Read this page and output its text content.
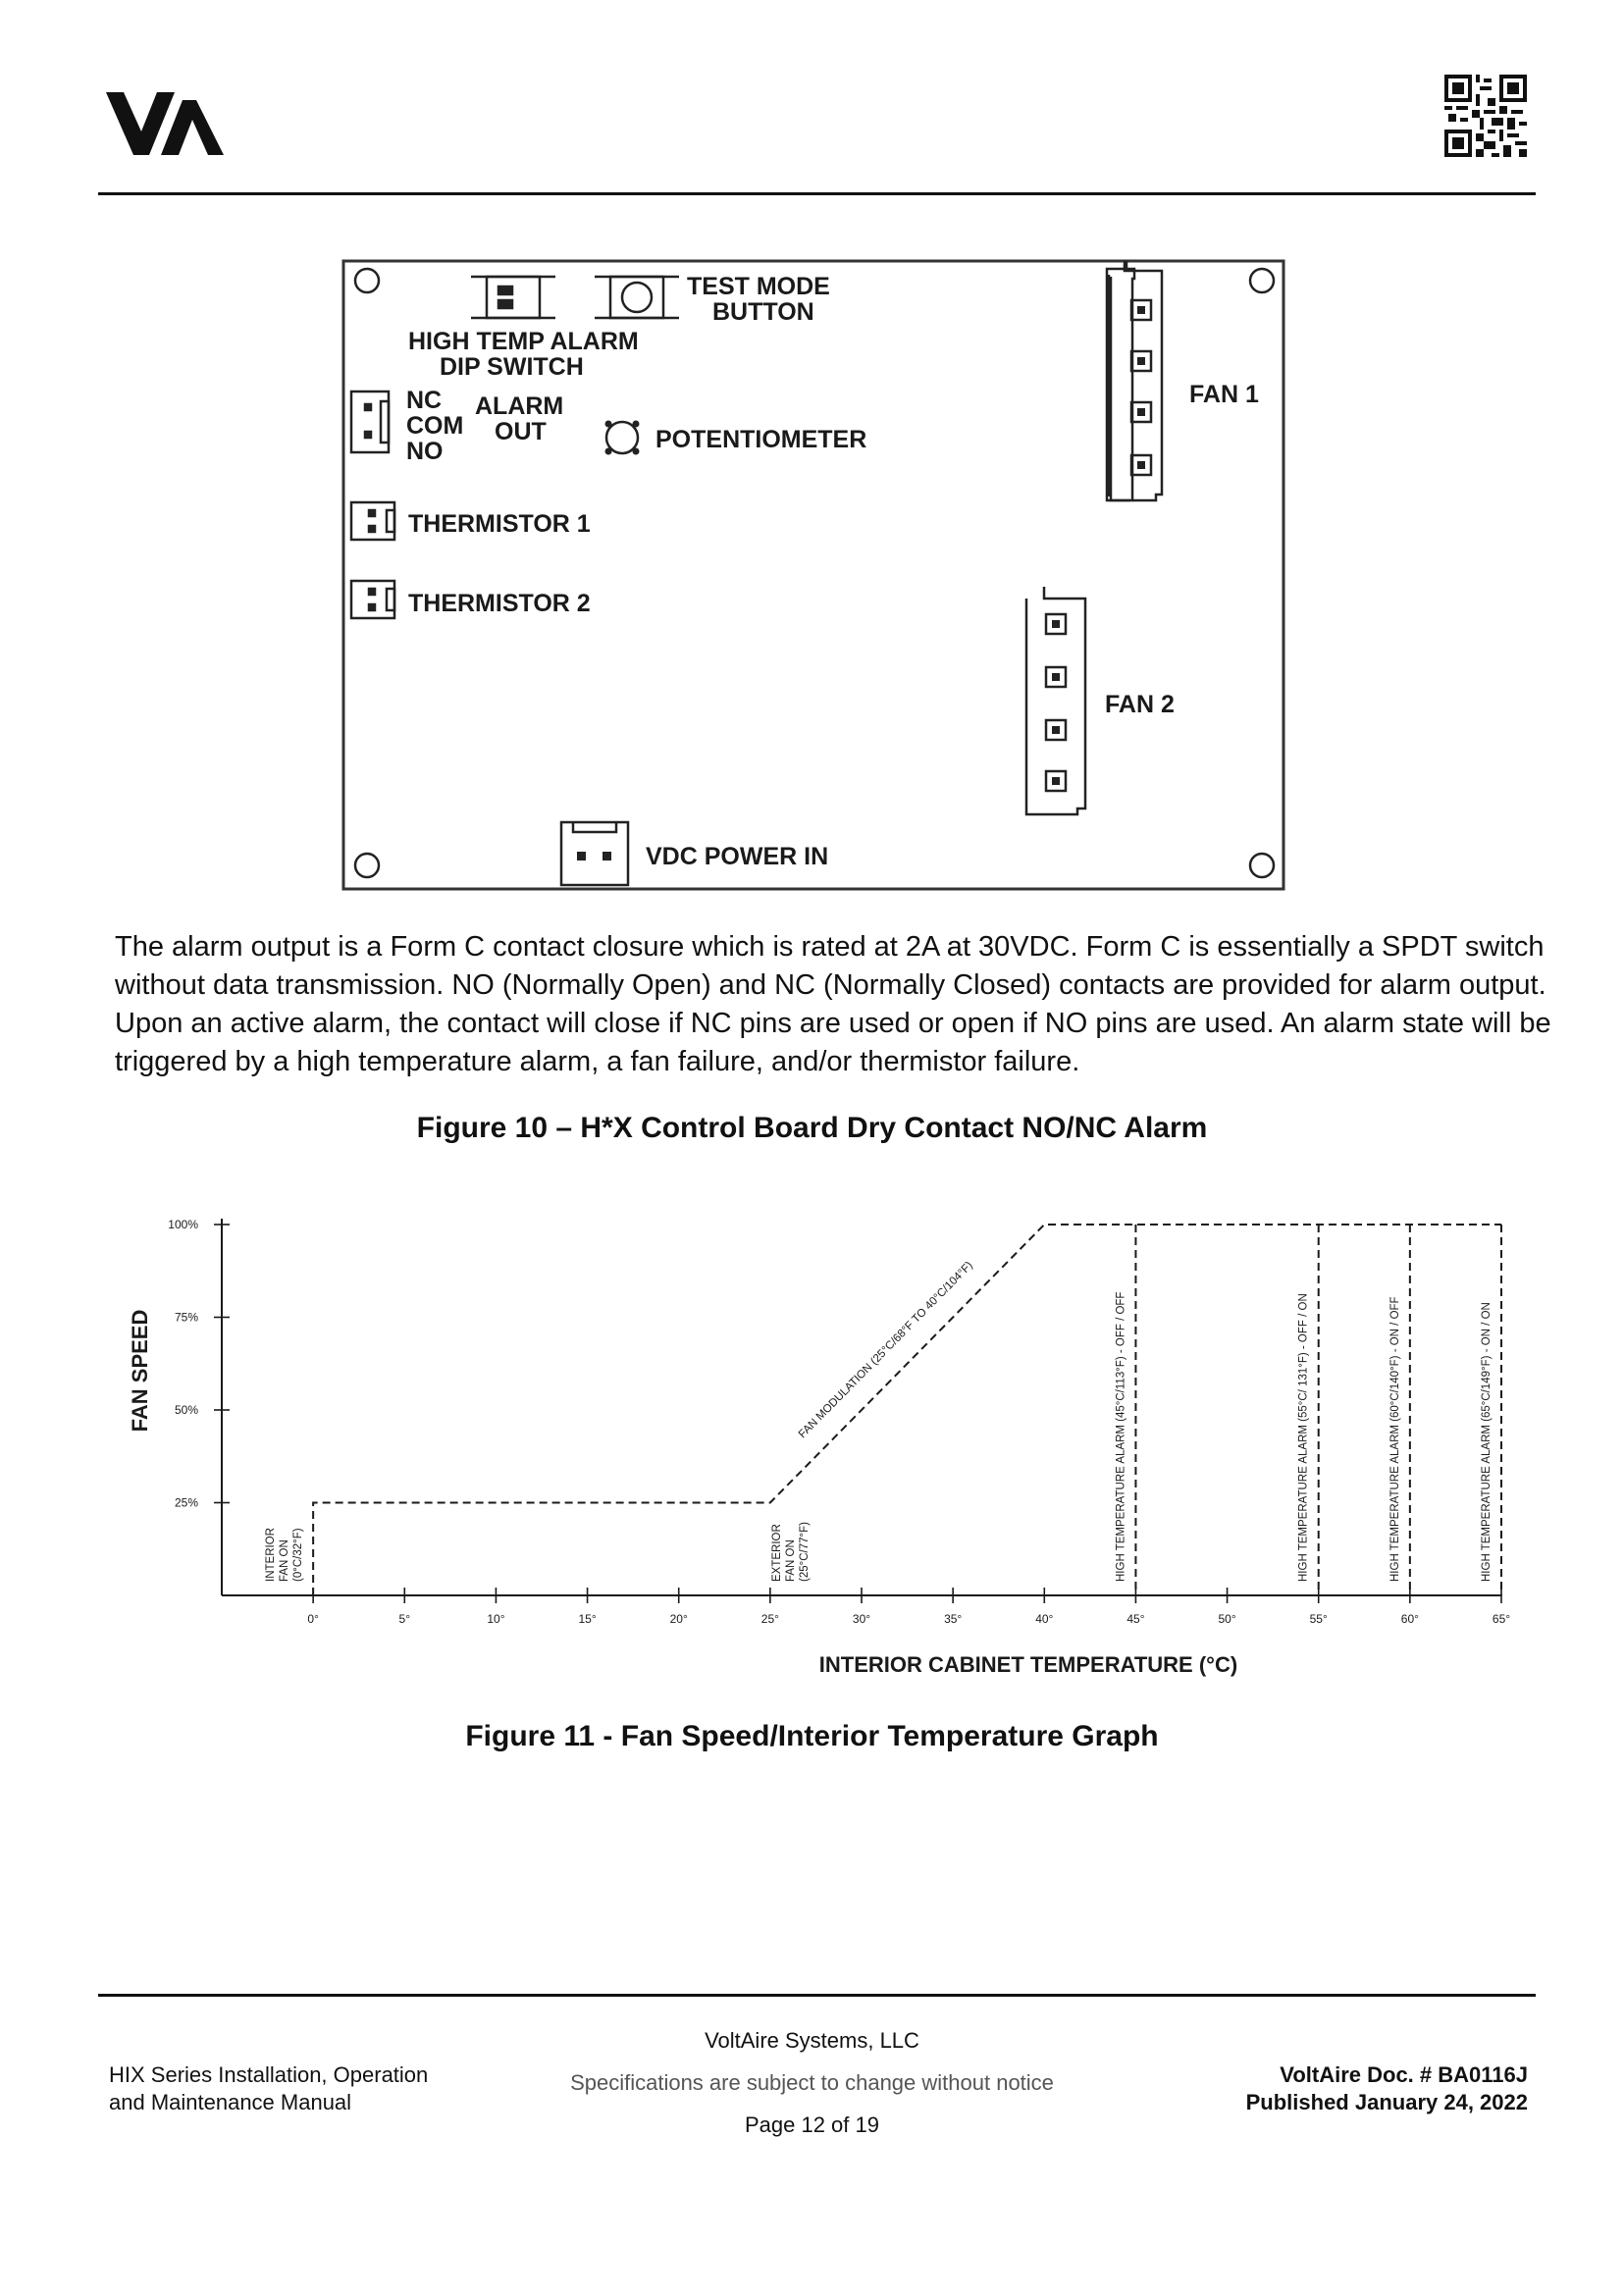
TEST MODE
BUTTON
HIGH TEMP ALARM
DIP SWITCH
NC
COM
NO
ALARM
OUT	POTENTIOMETER
THERMISTOR 1
THERMISTOR 2
FAN 1
FAN 2
VDC POWER IN
The alarm output is a Form C contact closure which is rated at 2A at 30VDC. Form C is essentially a SPDT switch
without data transmission. NO (Normally Open) and NC (Normally Closed) contacts are provided for alarm output.
Upon an active alarm, the contact will close if NC pins are used or open if NO pins are used. An alarm state will be
triggered by a high temperature alarm, a fan failure, and/or thermistor failure.
Figure 10 – H*X Control Board Dry Contact NO/NC Alarm
0°	5°	10°	15°	20°	25°	30°	35°	40°	45°	50°	55°	60°	65°
100%
75%
50%
25%
INTERIOR FAN ON (0°C/32°F)	EXTERIOR FAN ON (25°C/77°F)	HIGH TEMPERATURE ALARM (45°C/113°F) - OFF / OFF	HIGH TEMPERATURE ALARM (55°C/ 131°F) - OFF / ON	HIGH TEMPERATURE ALARM (60°C/140°F) - ON / OFF	HIGH TEMPERATURE ALARM (65°C/149°F) - ON / ON
FAN MODULATION (25°C/68°F TO 40°C/104°F)
INTERIOR CABINET TEMPERATURE (°C)
FAN SPEED
Figure 11 - Fan Speed/Interior Temperature Graph
HIX Series Installation, Operation
and Maintenance Manual
VoltAire Systems, LLC
Specifications are subject to change without notice
Page 12 of 19
VoltAire Doc. # BA0116J
Published January 24, 2022
